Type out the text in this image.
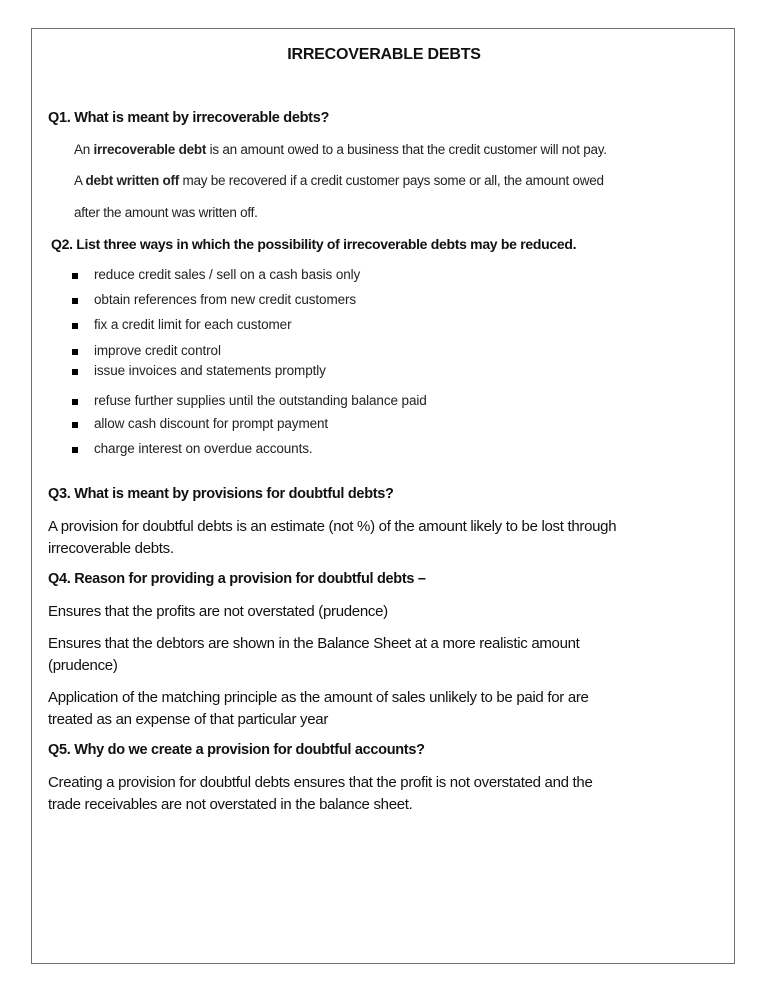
IRRECOVERABLE DEBTS
Q1. What is meant by irrecoverable debts?
An irrecoverable debt is an amount owed to a business that the credit customer will not pay.
A debt written off may be recovered if a credit customer pays some or all, the amount owed
after the amount was written off.
Q2. List three ways in which the possibility of irrecoverable debts may be reduced.
reduce credit sales / sell on a cash basis only
obtain references from new credit customers
fix a credit limit for each customer
improve credit control
issue invoices and statements promptly
refuse further supplies until the outstanding balance paid
allow cash discount for prompt payment
charge interest on overdue accounts.
Q3. What is meant by provisions for doubtful debts?
A provision for doubtful debts is an estimate (not %) of the amount likely to be lost through
irrecoverable debts.
Q4. Reason for providing a provision for doubtful debts –
Ensures that the profits are not overstated (prudence)
Ensures that the debtors are shown in the Balance Sheet at a more realistic amount
(prudence)
Application of the matching principle as the amount of sales unlikely to be paid for are
treated as an expense of that particular year
Q5. Why do we create a provision for doubtful accounts?
Creating a provision for doubtful debts ensures that the profit is not overstated and the
trade receivables are not overstated in the balance sheet.
